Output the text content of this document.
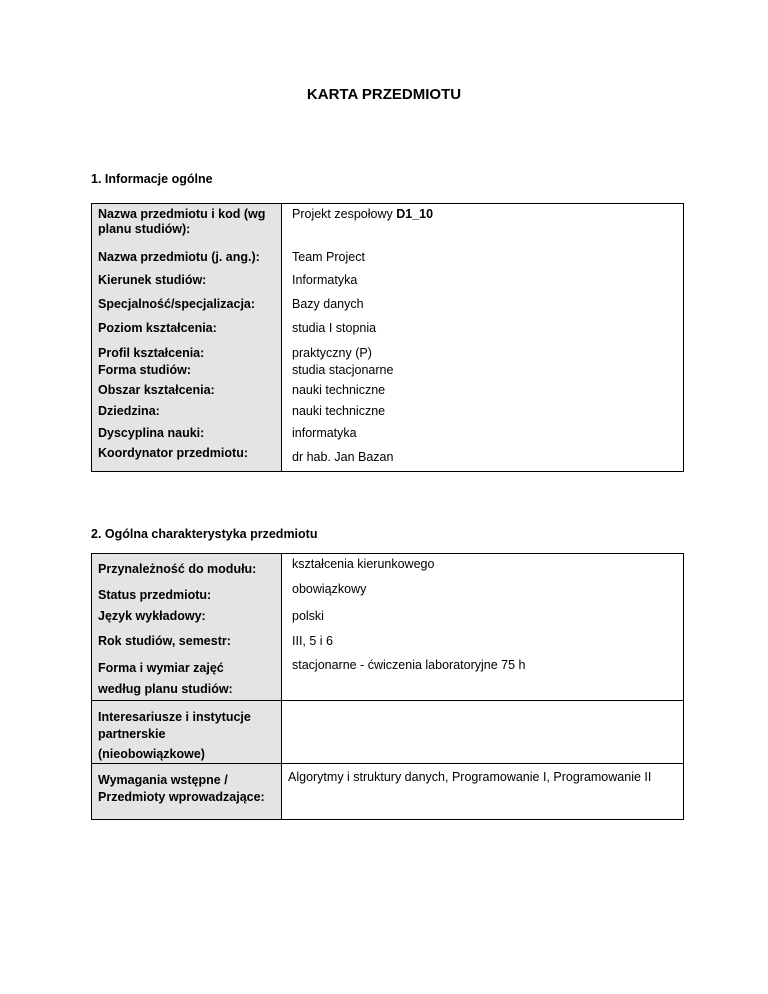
KARTA PRZEDMIOTU
1. Informacje ogólne
Nazwa przedmiotu i kod (wg planu studiów):	Projekt zespołowy D1_10
Nazwa przedmiotu (j. ang.):	Team Project
Kierunek studiów:	Informatyka
Specjalność/specjalizacja:	Bazy danych
Poziom kształcenia:	studia I stopnia
Profil kształcenia:	praktyczny (P)
Forma studiów:	studia stacjonarne
Obszar kształcenia:	nauki techniczne
Dziedzina:	nauki techniczne
Dyscyplina nauki:	informatyka
Koordynator przedmiotu:	dr hab. Jan Bazan
2. Ogólna charakterystyka przedmiotu
Przynależność do modułu:	kształcenia kierunkowego
Status przedmiotu:	obowiązkowy
Język wykładowy:	polski
Rok studiów, semestr:	III, 5 i 6

Forma i wymiar zajęć według planu studiów:	stacjonarne - ćwiczenia laboratoryjne 75 h

Interesariusze i instytucje partnerskie
(nieobowiązkowe)	

Wymagania wstępne / Przedmioty wprowadzające:	Algorytmy i struktury danych, Programowanie I, Programowanie II
